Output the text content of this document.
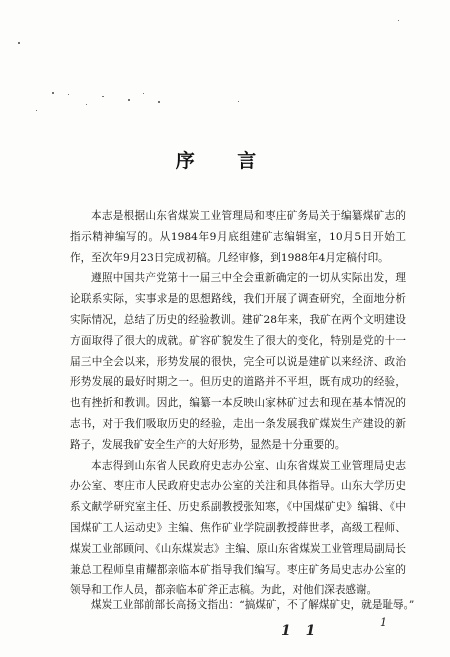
序 言

本志是根据山东省煤炭工业管理局和枣庄矿务局关于编纂煤矿志的指示精神编写的。从1984年9月底组建矿志编辑室，10月5日开始工作，至次年9月23日完成初稿。几经审修，到1988年4月定稿付印。

遵照中国共产党第十一届三中全会重新确定的一切从实际出发，理论联系实际，实事求是的思想路线，我们开展了调查研究，全面地分析实际情况，总结了历史的经验教训。建矿28年来，我矿在两个文明建设方面取得了很大的成就。矿容矿貌发生了很大的变化，特别是党的十一届三中全会以来，形势发展的很快，完全可以说是建矿以来经济、政治形势发展的最好时期之一。但历史的道路并不平坦，既有成功的经验，也有挫折和教训。因此，编纂一本反映山家林矿过去和现在基本情况的志书，对于我们吸取历史的经验，走出一条发展我矿煤炭生产建设的新路子，发展我矿安全生产的大好形势，显然是十分重要的。

本志得到山东省人民政府史志办公室、山东省煤炭工业管理局史志办公室、枣庄市人民政府史志办公室的关注和具体指导。山东大学历史系文献学研究室主任、历史系副教授张知寒，《中国煤矿史》编辑、《中国煤矿工人运动史》主编、焦作矿业学院副教授薛世孝，高级工程师、煤炭工业部顾问、《山东煤炭志》主编、原山东省煤炭工业管理局副局长兼总工程师皇甫耀都亲临本矿指导我们编写。枣庄矿务局史志办公室的领导和工作人员，都亲临本矿斧正志稿。为此，对他们深表感谢。

煤炭工业部前部长高扬文指出：“搞煤矿，不了解煤矿史，就是耻辱。”
1 1
1
